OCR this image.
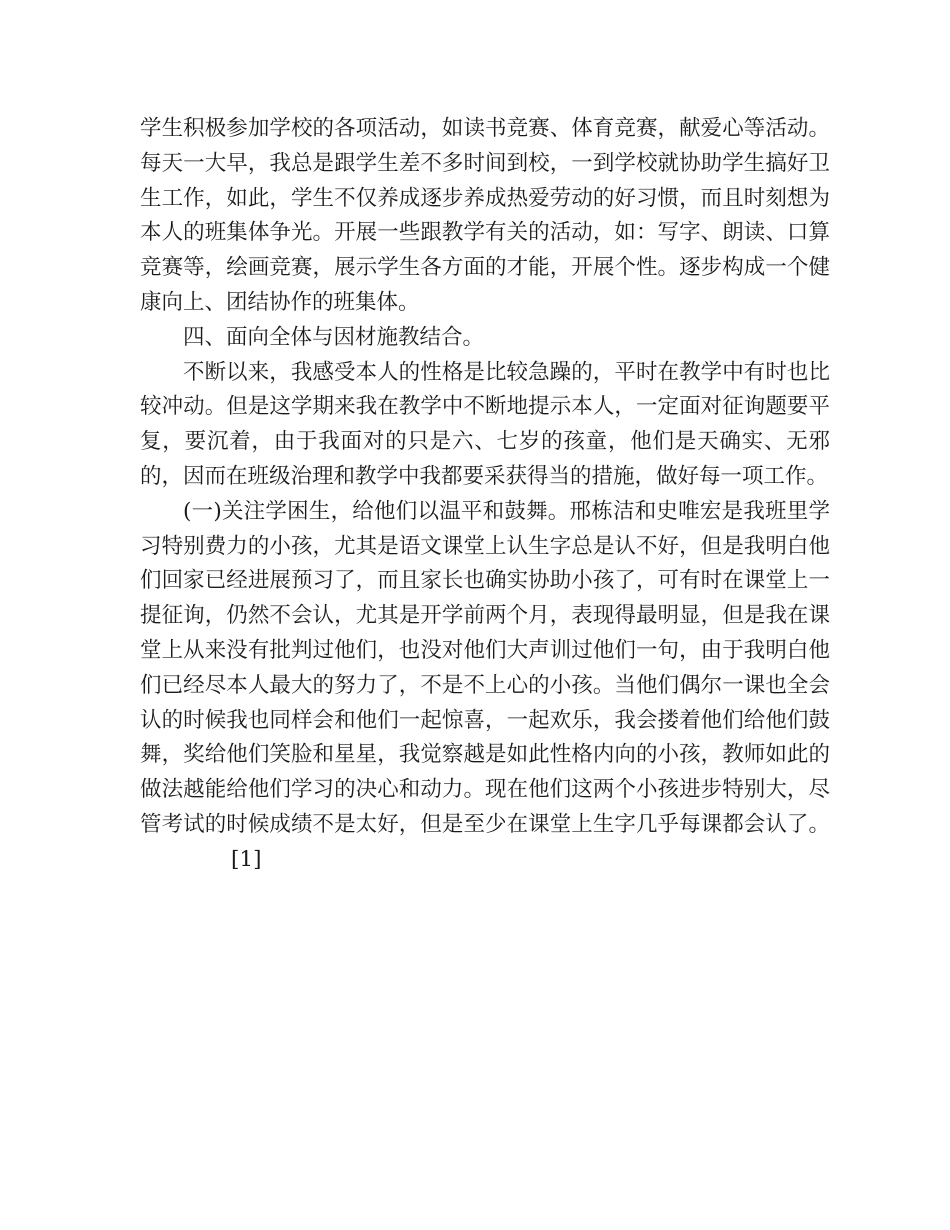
学生积极参加学校的各项活动，如读书竞赛、体育竞赛，献爱心等活动。每天一大早，我总是跟学生差不多时间到校，一到学校就协助学生搞好卫生工作，如此，学生不仅养成逐步养成热爱劳动的好习惯，而且时刻想为本人的班集体争光。开展一些跟教学有关的活动，如：写字、朗读、口算竞赛等，绘画竞赛，展示学生各方面的才能，开展个性。逐步构成一个健康向上、团结协作的班集体。

四、面向全体与因材施教结合。

不断以来，我感受本人的性格是比较急躁的，平时在教学中有时也比较冲动。但是这学期来我在教学中不断地提示本人，一定面对征询题要平复，要沉着，由于我面对的只是六、七岁的孩童，他们是天确实、无邪的，因而在班级治理和教学中我都要采获得当的措施，做好每一项工作。

(一)关注学困生，给他们以温平和鼓舞。邢栋洁和史唯宏是我班里学习特别费力的小孩，尤其是语文课堂上认生字总是认不好，但是我明白他们回家已经进展预习了，而且家长也确实协助小孩了，可有时在课堂上一提征询，仍然不会认，尤其是开学前两个月，表现得最明显，但是我在课堂上从来没有批判过他们，也没对他们大声训过他们一句，由于我明白他们已经尽本人最大的努力了，不是不上心的小孩。当他们偶尔一课也全会认的时候我也同样会和他们一起惊喜，一起欢乐，我会搂着他们给他们鼓舞，奖给他们笑脸和星星，我觉察越是如此性格内向的小孩，教师如此的做法越能给他们学习的决心和动力。现在他们这两个小孩进步特别大，尽管考试的时候成绩不是太好，但是至少在课堂上生字几乎每课都会认了。[1]
